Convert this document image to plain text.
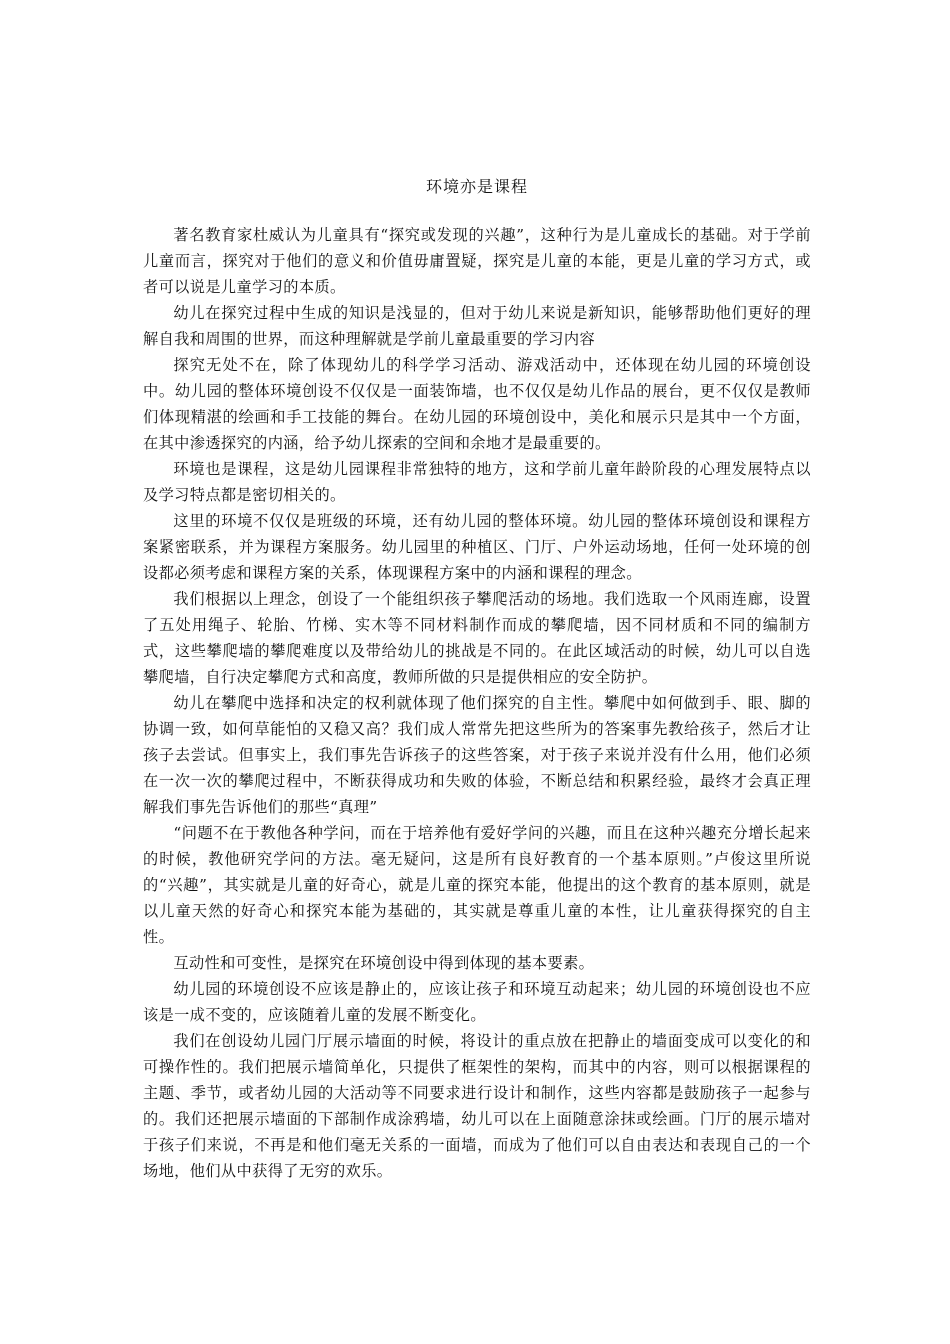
环境亦是课程

著名教育家杜威认为儿童具有“探究或发现的兴趣”，这种行为是儿童成长的基础。对于学前儿童而言，探究对于他们的意义和价值毋庸置疑，探究是儿童的本能，更是儿童的学习方式，或者可以说是儿童学习的本质。

幼儿在探究过程中生成的知识是浅显的，但对于幼儿来说是新知识，能够帮助他们更好的理解自我和周围的世界，而这种理解就是学前儿童最重要的学习内容

探究无处不在，除了体现幼儿的科学学习活动、游戏活动中，还体现在幼儿园的环境创设中。幼儿园的整体环境创设不仅仅是一面装饰墙，也不仅仅是幼儿作品的展台，更不仅仅是教师们体现精湛的绘画和手工技能的舞台。在幼儿园的环境创设中，美化和展示只是其中一个方面，在其中渗透探究的内涵，给予幼儿探索的空间和余地才是最重要的。

环境也是课程，这是幼儿园课程非常独特的地方，这和学前儿童年龄阶段的心理发展特点以及学习特点都是密切相关的。

这里的环境不仅仅是班级的环境，还有幼儿园的整体环境。幼儿园的整体环境创设和课程方案紧密联系，并为课程方案服务。幼儿园里的种植区、门厅、户外运动场地，任何一处环境的创设都必须考虑和课程方案的关系，体现课程方案中的内涵和课程的理念。

我们根据以上理念，创设了一个能组织孩子攀爬活动的场地。我们选取一个风雨连廊，设置了五处用绳子、轮胎、竹梯、实木等不同材料制作而成的攀爬墙，因不同材质和不同的编制方式，这些攀爬墙的攀爬难度以及带给幼儿的挑战是不同的。在此区域活动的时候，幼儿可以自选攀爬墙，自行决定攀爬方式和高度，教师所做的只是提供相应的安全防护。

幼儿在攀爬中选择和决定的权利就体现了他们探究的自主性。攀爬中如何做到手、眼、脚的协调一致，如何草能怕的又稳又高？我们成人常常先把这些所为的答案事先教给孩子，然后才让孩子去尝试。但事实上，我们事先告诉孩子的这些答案，对于孩子来说并没有什么用，他们必须在一次一次的攀爬过程中，不断获得成功和失败的体验，不断总结和积累经验，最终才会真正理解我们事先告诉他们的那些“真理”

“问题不在于教他各种学问，而在于培养他有爱好学问的兴趣，而且在这种兴趣充分增长起来的时候，教他研究学问的方法。毫无疑问，这是所有良好教育的一个基本原则。”卢俊这里所说的“兴趣”，其实就是儿童的好奇心，就是儿童的探究本能，他提出的这个教育的基本原则，就是以儿童天然的好奇心和探究本能为基础的，其实就是尊重儿童的本性，让儿童获得探究的自主性。

互动性和可变性，是探究在环境创设中得到体现的基本要素。

幼儿园的环境创设不应该是静止的，应该让孩子和环境互动起来；幼儿园的环境创设也不应该是一成不变的，应该随着儿童的发展不断变化。

我们在创设幼儿园门厅展示墙面的时候，将设计的重点放在把静止的墙面变成可以变化的和可操作性的。我们把展示墙简单化，只提供了框架性的架构，而其中的内容，则可以根据课程的主题、季节，或者幼儿园的大活动等不同要求进行设计和制作，这些内容都是鼓励孩子一起参与的。我们还把展示墙面的下部制作成涂鸦墙，幼儿可以在上面随意涂抹或绘画。门厅的展示墙对于孩子们来说，不再是和他们毫无关系的一面墙，而成为了他们可以自由表达和表现自己的一个场地，他们从中获得了无穷的欢乐。
